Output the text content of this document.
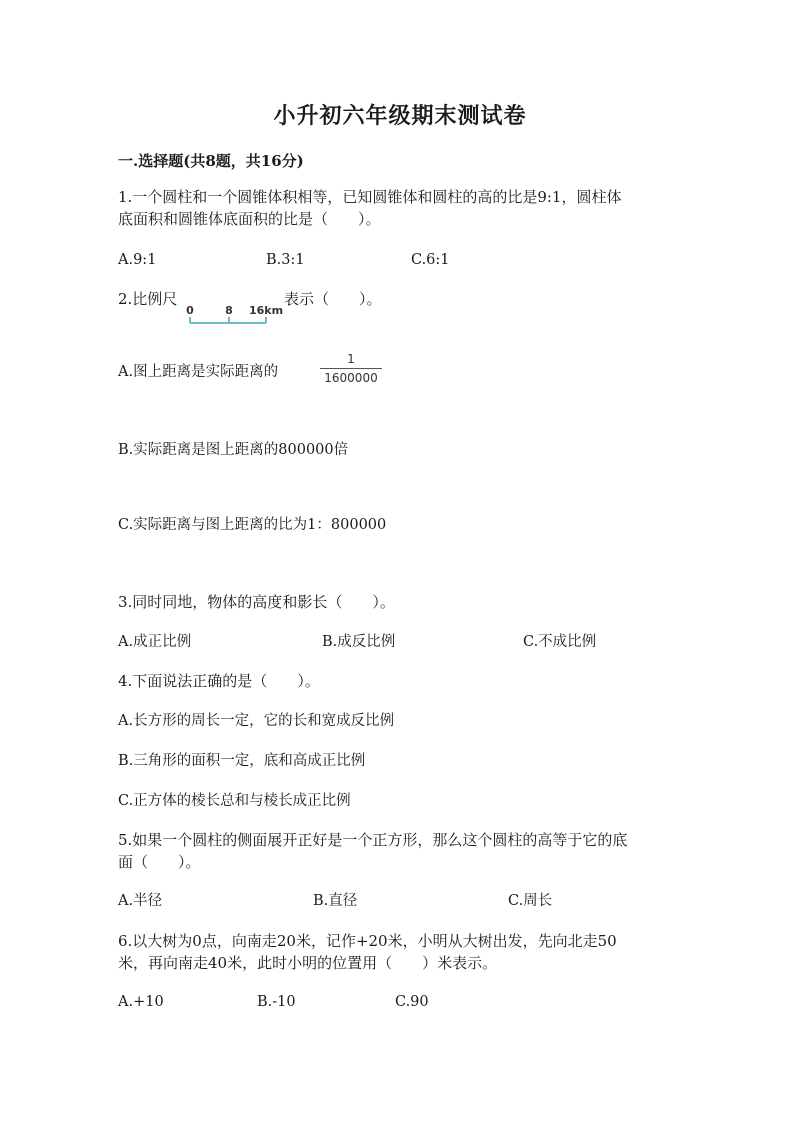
小升初六年级期末测试卷
一.选择题(共8题，共16分)
1.一个圆柱和一个圆锥体积相等，已知圆锥体和圆柱的高的比是9:1，圆柱体
底面积和圆锥体底面积的比是（　　）。
A.9:1	B.3:1	C.6:1
2.比例尺
0	8 16km
表示（　　）。
A.图上距离是实际距离的
1
1600000
B.实际距离是图上距离的800000倍
C.实际距离与图上距离的比为1：800000
3.同时同地，物体的高度和影长（　　）。
A.成正比例	B.成反比例	C.不成比例
4.下面说法正确的是（　　）。
A.长方形的周长一定，它的长和宽成反比例
B.三角形的面积一定，底和高成正比例
C.正方体的棱长总和与棱长成正比例
5.如果一个圆柱的侧面展开正好是一个正方形，那么这个圆柱的高等于它的底
面（　　）。
A.半径	B.直径	C.周长
6.以大树为0点，向南走20米，记作+20米，小明从大树出发，先向北走50
米，再向南走40米，此时小明的位置用（　　）米表示。
A.+10	B.-10	C.90
